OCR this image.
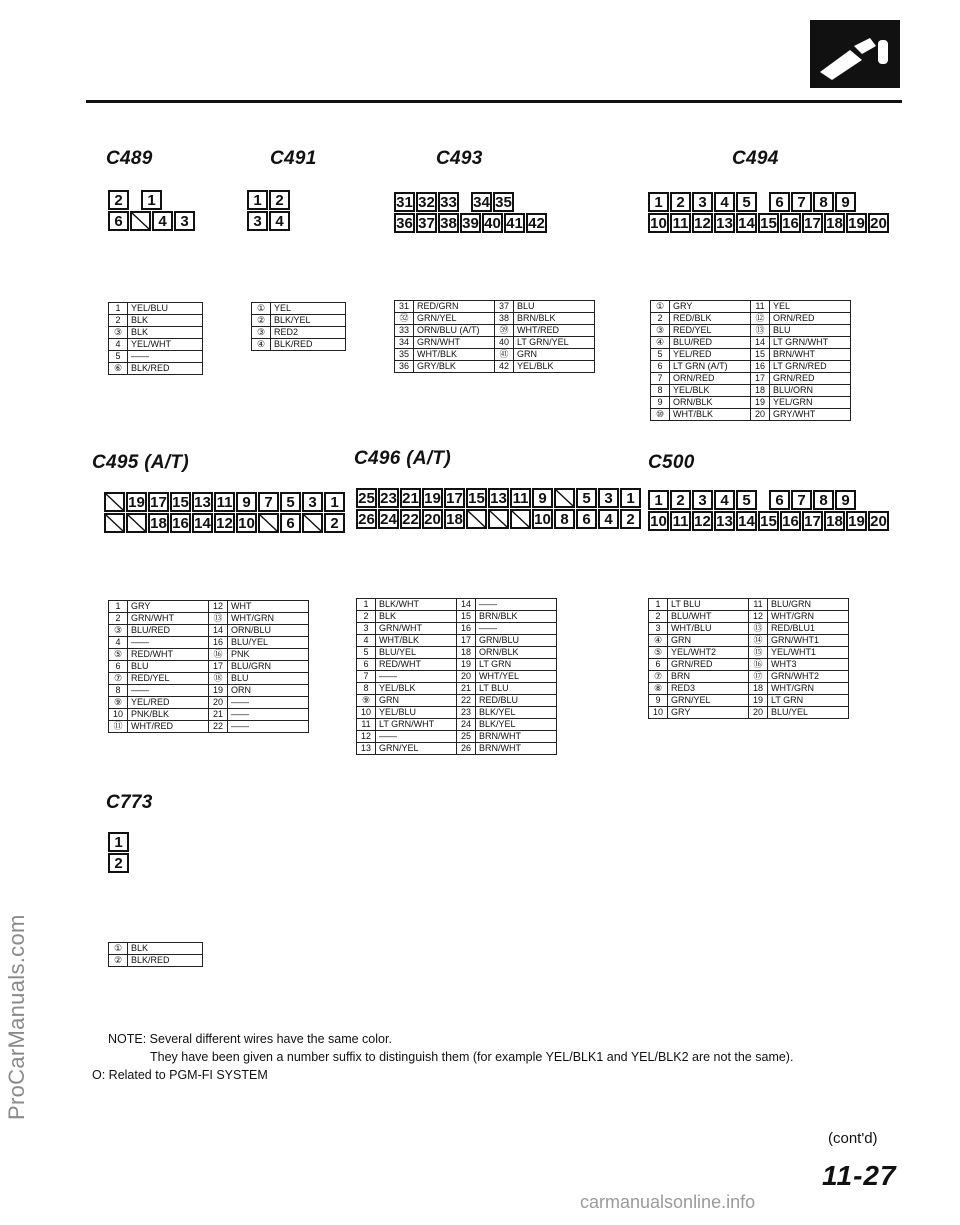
ProCarManuals.com
C489	C491	C493	C494
C495 (A/T)	C496 (A/T)	C500
C773
2	1
6	4 3
1 2
3 4
31 32 33 34 35
36 37 38 39 40 41 42
1 2 3 4 5	6 7 8 9
10 11 12 13 14 15 16 17 18 19 20
19 17 15 13 11 9 7 5 3 1
18 16 14 12 10	6	2
25 23 21 19 17 15 13 11 9	5 3 1
26 24 22 20 18	10 8 6 4 2
1 2 3 4 5	6 7 8 9
10 11 12 13 14 15 16 17 18 19 20
1
2
1	YEL/BLU
2	BLK
③	BLK
4	YEL/WHT
5	——
⑥	BLK/RED
①	YEL
②	BLK/YEL
③	RED2
④	BLK/RED
31	RED/GRN	37	BLU
㉜	GRN/YEL	38	BRN/BLK
33	ORN/BLU (A/T)	㊴	WHT/RED
34	GRN/WHT	40	LT GRN/YEL
35	WHT/BLK	㊶	GRN
36	GRY/BLK	42	YEL/BLK
①	GRY	11	YEL
2	RED/BLK	⑫	ORN/RED
③	RED/YEL	⑬	BLU
④	BLU/RED	14	LT GRN/WHT
5	YEL/RED	15	BRN/WHT
6	LT GRN (A/T)	16	LT GRN/RED
7	ORN/RED	17	GRN/RED
8	YEL/BLK	18	BLU/ORN
9	ORN/BLK	19	YEL/GRN
⑩	WHT/BLK	20	GRY/WHT
1	GRY	12	WHT
2	GRN/WHT	⑬	WHT/GRN
③	BLU/RED	14	ORN/BLU
4	——	16	BLU/YEL
⑤	RED/WHT	⑯	PNK
6	BLU	17	BLU/GRN
⑦	RED/YEL	⑱	BLU
8	——	19	ORN
⑨	YEL/RED	20	——
10	PNK/BLK	21	——
⑪	WHT/RED	22	——
1	BLK/WHT	14	——
2	BLK	15	BRN/BLK
3	GRN/WHT	16	——
4	WHT/BLK	17	GRN/BLU
5	BLU/YEL	18	ORN/BLK
6	RED/WHT	19	LT GRN
7	——	20	WHT/YEL
8	YEL/BLK	21	LT BLU
⑨	GRN	22	RED/BLU
10	YEL/BLU	23	BLK/YEL
11	LT GRN/WHT	24	BLK/YEL
12	——	25	BRN/WHT
13	GRN/YEL	26	BRN/WHT
1	LT BLU	11	BLU/GRN
2	BLU/WHT	12	WHT/GRN
3	WHT/BLU	⑬	RED/BLU1
④	GRN	⑭	GRN/WHT1
⑤	YEL/WHT2	⑮	YEL/WHT1
6	GRN/RED	⑯	WHT3
⑦	BRN	⑰	GRN/WHT2
⑧	RED3	18	WHT/GRN
9	GRN/YEL	19	LT GRN
10	GRY	20	BLU/YEL
①	BLK
②	BLK/RED
NOTE: Several different wires have the same color.
They have been given a number suffix to distinguish them (for example YEL/BLK1 and YEL/BLK2 are not the same).
O: Related to PGM-FI SYSTEM
(cont'd)
11-27
carmanualsonline.info
